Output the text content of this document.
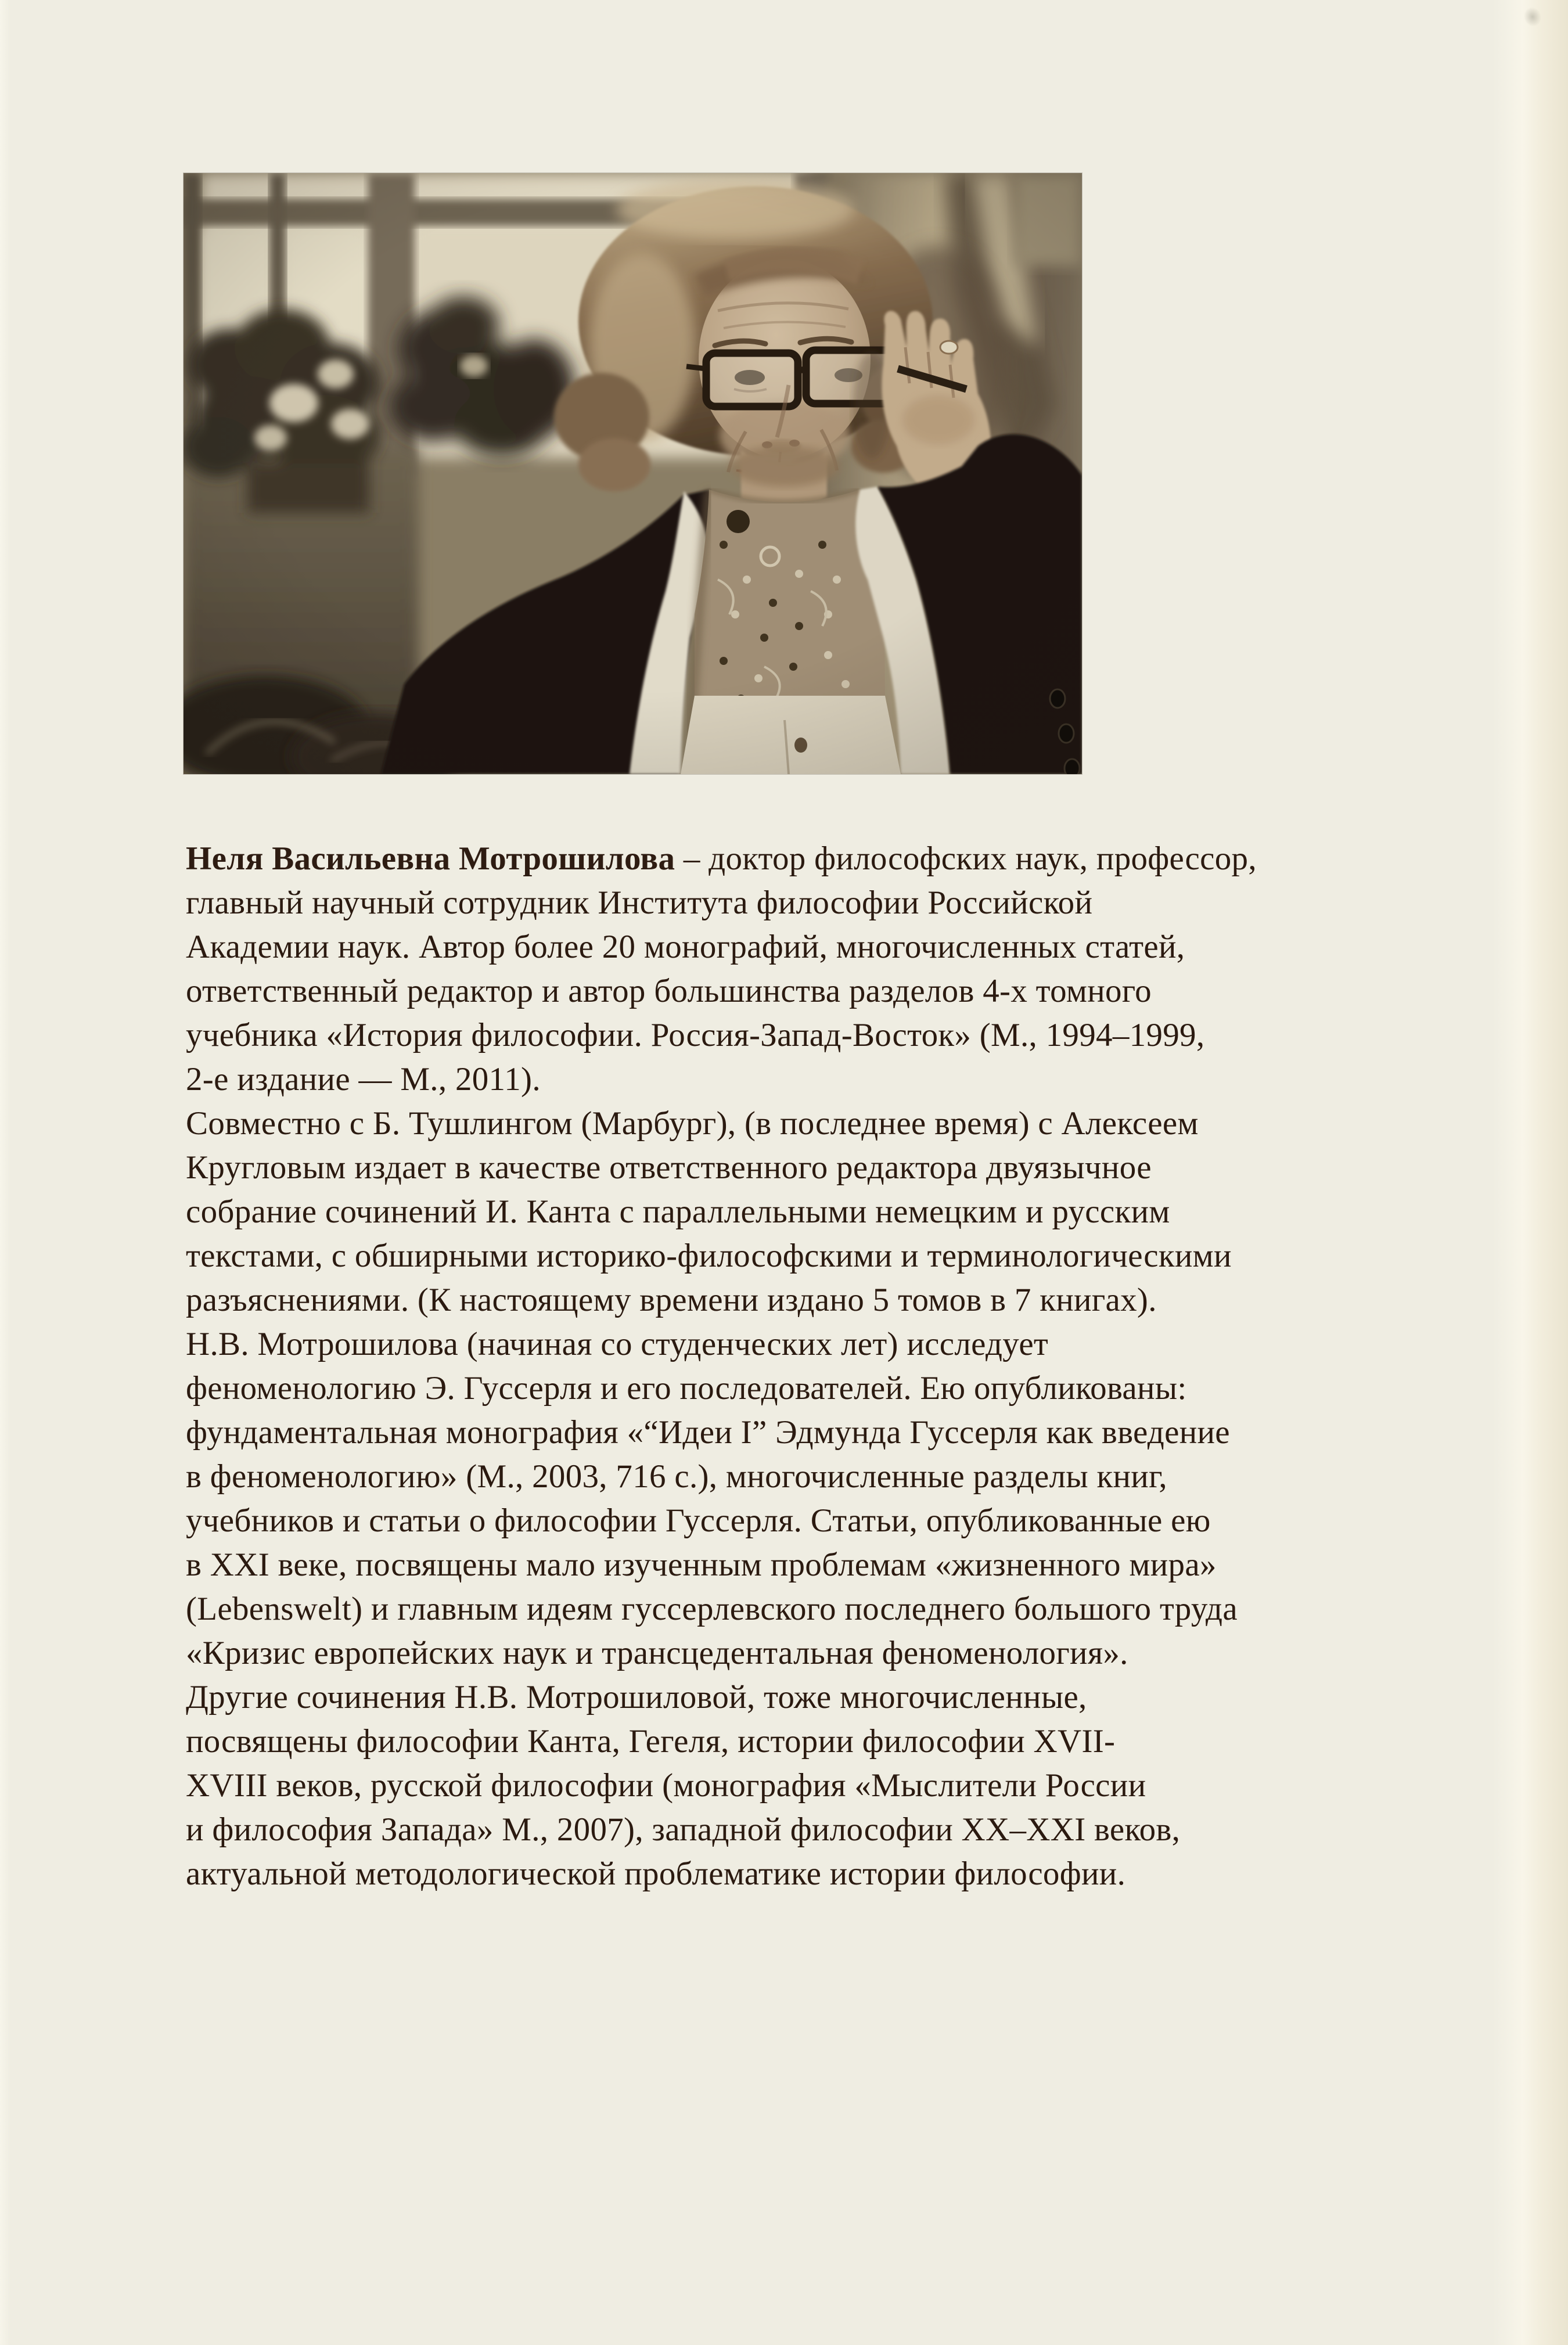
Неля Васильевна Мотрошилова – доктор философских наук, профессор,
главный научный сотрудник Института философии Российской
Академии наук. Автор более 20 монографий, многочисленных статей,
ответственный редактор и автор большинства разделов 4-х томного
учебника «История философии. Россия-Запад-Восток» (М., 1994–1999,
2-е издание — М., 2011).
Совместно с Б. Тушлингом (Марбург), (в последнее время) с Алексеем
Кругловым издает в качестве ответственного редактора двуязычное
собрание сочинений И. Канта с параллельными немецким и русским
текстами, с обширными историко-философскими и терминологическими
разъяснениями. (К настоящему времени издано 5 томов в 7 книгах).
Н.В. Мотрошилова (начиная со студенческих лет) исследует
феноменологию Э. Гуссерля и его последователей. Ею опубликованы:
фундаментальная монография «“Идеи I” Эдмунда Гуссерля как введение
в феноменологию» (М., 2003, 716 с.), многочисленные разделы книг,
учебников и статьи о философии Гуссерля. Статьи, опубликованные ею
в XXI веке, посвящены мало изученным проблемам «жизненного мира»
(Lebenswelt) и главным идеям гуссерлевского последнего большого труда
«Кризис европейских наук и трансцедентальная феноменология».
Другие сочинения Н.В. Мотрошиловой, тоже многочисленные,
посвящены философии Канта, Гегеля, истории философии XVII-
XVIII веков, русской философии (монография «Мыслители России
и философия Запада» М., 2007), западной философии XX–XXI веков,
актуальной методологической проблематике истории философии.
